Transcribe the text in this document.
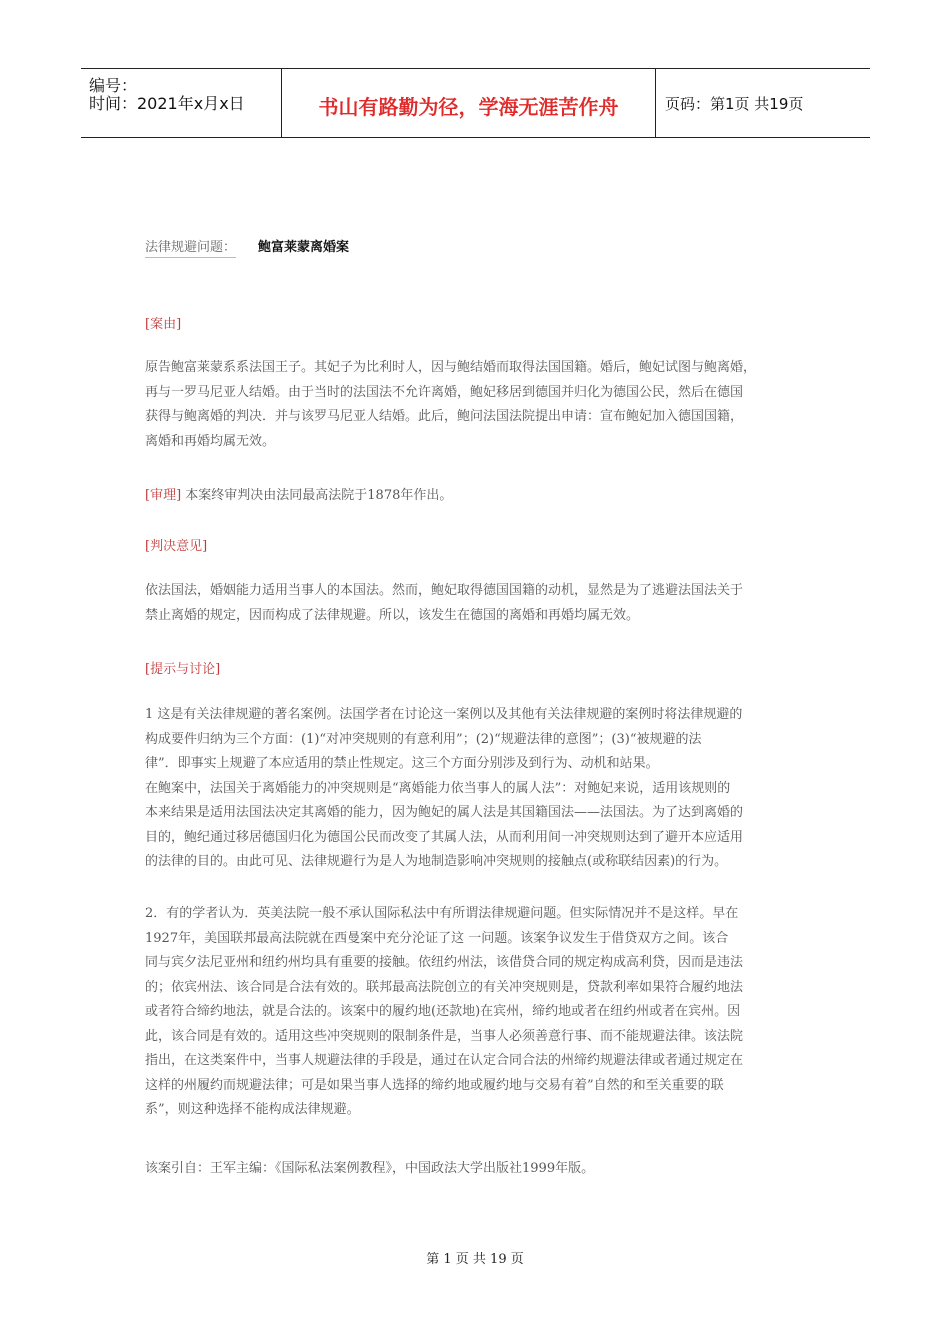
编号：
时间：2021年x月x日	书山有路勤为径，学海无涯苦作舟	页码：第1页 共19页
法律规避问题： 鲍富莱蒙离婚案
[案由]
原告鲍富莱蒙系系法国王子。其妃子为比利时人，因与鲍结婚而取得法国国籍。婚后，鲍妃试图与鲍离婚，
再与一罗马尼亚人结婚。由于当时的法国法不允许离婚，鲍妃移居到德国并归化为德国公民，然后在德国
获得与鲍离婚的判决．并与该罗马尼亚人结婚。此后，鲍问法国法院提出申请：宣布鲍妃加入德国国籍，
离婚和再婚均属无效。
[审理] 本案终审判决由法同最高法院于1878年作出。
[判决意见]
依法国法，婚姻能力适用当事人的本国法。然而，鲍妃取得德国国籍的动机，显然是为了逃避法国法关于
禁止离婚的规定，因而构成了法律规避。所以，该发生在德国的离婚和再婚均属无效。
[提示与讨论]
1 这是有关法律规避的著名案例。法国学者在讨论这一案例以及其他有关法律规避的案例时将法律规避的
构成要件归纳为三个方面：(1)“对冲突规则的有意利用”；(2)“规避法律的意图”；(3)“被规避的法
律”．即事实上规避了本应适用的禁止性规定。这三个方面分别涉及到行为、动机和站果。
在鲍案中，法国关于离婚能力的冲突规则是“离婚能力依当事人的属人法”：对鲍妃来说，适用该规则的
本来结果是适用法国法决定其离婚的能力，因为鲍妃的属人法是其国籍国法——法国法。为了达到离婚的
目的，鲍纪通过移居德国归化为德国公民而改变了其属人法，从而利用间一冲突规则达到了避开本应适用
的法律的目的。由此可见、法律规避行为是人为地制造影响冲突规则的接触点(或称联结因素)的行为。
2．有的学者认为．英美法院一般不承认国际私法中有所谓法律规避问题。但实际情况并不是这样。早在
1927年，美国联邦最高法院就在西曼案中充分沦证了这 一问题。该案争议发生于借贷双方之间。该合
同与宾夕法尼亚州和纽约州均具有重要的接触。依纽约州法，该借贷合同的规定构成高利贷，因而是违法
的；依宾州法、该合同是合法有效的。联邦最高法院创立的有关冲突规则是，贷款利率如果符合履约地法
或者符合缔约地法，就是合法的。该案中的履约地(还款地)在宾州，缔约地或者在纽约州或者在宾州。因
此，该合同是有效的。适用这些冲突规则的限制条件是，当事人必须善意行事、而不能规避法律。该法院
指出，在这类案件中，当事人规避法律的手段是，通过在认定合同合法的州缔约规避法律或者通过规定在
这样的州履约而规避法律；可是如果当事人选择的缔约地或履约地与交易有着”自然的和至关重要的联
系”，则这种选择不能构成法律规避。
该案引自：王军主编：《国际私法案例教程》，中国政法大学出版社1999年版。
第 1 页 共 19 页
